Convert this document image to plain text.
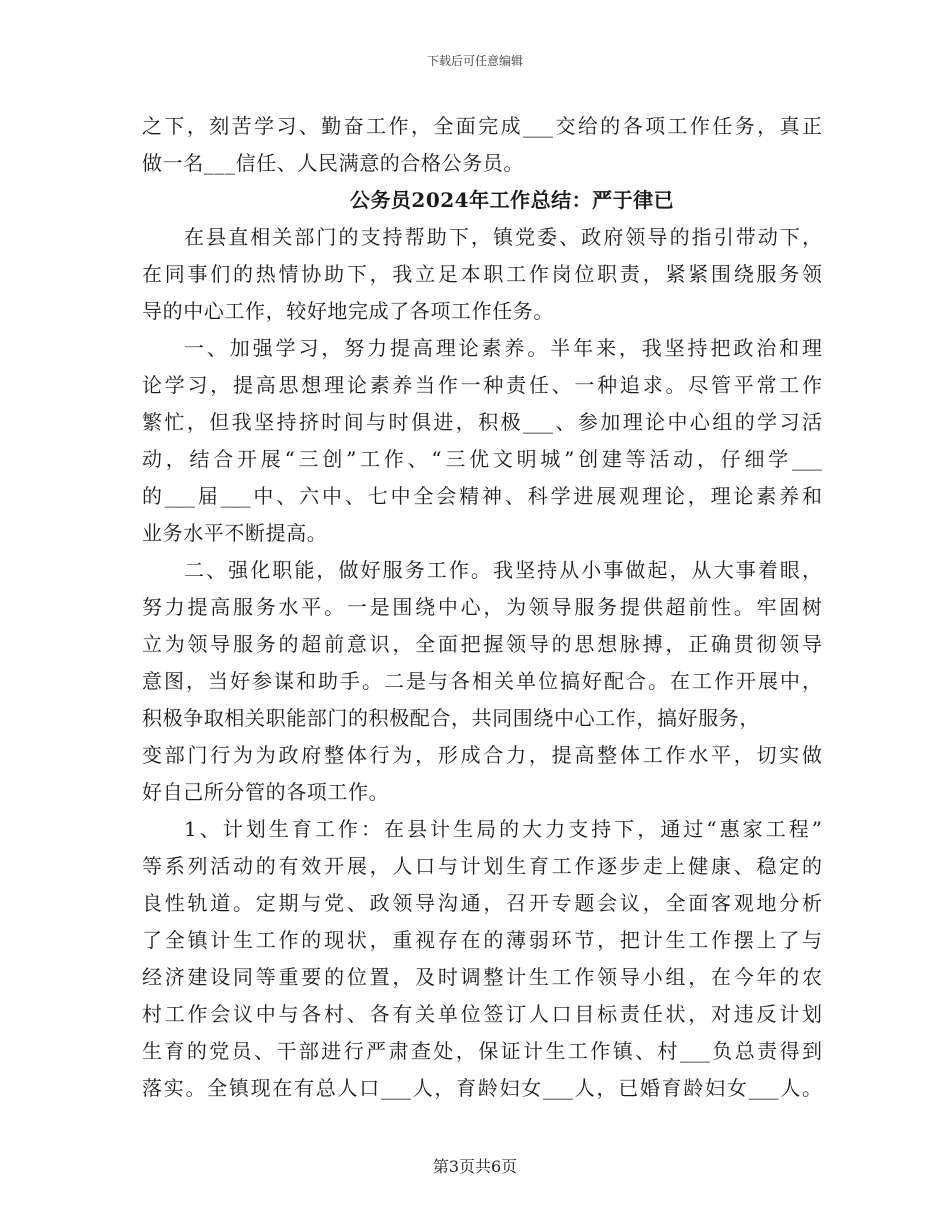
下载后可任意编辑
之下，刻苦学习、勤奋工作，全面完成___交给的各项工作任务，真正
做一名___信任、人民满意的合格公务员。
公务员2024年工作总结：严于律已
在县直相关部门的支持帮助下，镇党委、政府领导的指引带动下，
在同事们的热情协助下，我立足本职工作岗位职责，紧紧围绕服务领
导的中心工作，较好地完成了各项工作任务。
一、加强学习，努力提高理论素养。半年来，我坚持把政治和理
论学习，提高思想理论素养当作一种责任、一种追求。尽管平常工作
繁忙，但我坚持挤时间与时俱进，积极___、参加理论中心组的学习活
动，结合开展“三创”工作、“三优文明城”创建等活动，仔细学___
的___届___中、六中、七中全会精神、科学进展观理论，理论素养和
业务水平不断提高。
二、强化职能，做好服务工作。我坚持从小事做起，从大事着眼，
努力提高服务水平。一是围绕中心，为领导服务提供超前性。牢固树
立为领导服务的超前意识，全面把握领导的思想脉搏，正确贯彻领导
意图，当好参谋和助手。二是与各相关单位搞好配合。在工作开展中，
积极争取相关职能部门的积极配合，共同围绕中心工作，搞好服务，
变部门行为为政府整体行为，形成合力，提高整体工作水平，切实做
好自己所分管的各项工作。
1、计划生育工作：在县计生局的大力支持下，通过“惠家工程”
等系列活动的有效开展，人口与计划生育工作逐步走上健康、稳定的
良性轨道。定期与党、政领导沟通，召开专题会议，全面客观地分析
了全镇计生工作的现状，重视存在的薄弱环节，把计生工作摆上了与
经济建设同等重要的位置，及时调整计生工作领导小组，在今年的农
村工作会议中与各村、各有关单位签订人口目标责任状，对违反计划
生育的党员、干部进行严肃查处，保证计生工作镇、村___负总责得到
落实。全镇现在有总人口___人，育龄妇女___人，已婚育龄妇女___人。
第3页共6页
